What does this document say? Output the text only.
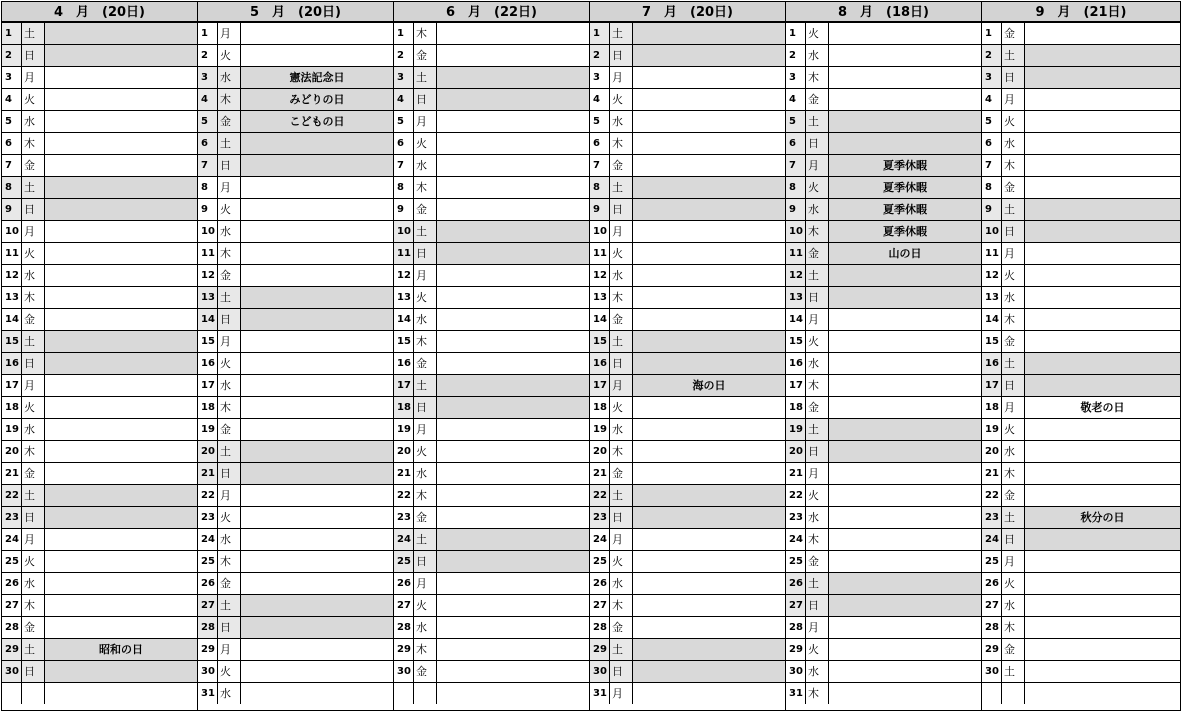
4　月　(20日)
1	土
2	日
3	月
4	火
5	水
6	木
7	金
8	土
9	日
10 月
11 火
12 水
13 木
14 金
15 土
16 日
17 月
18 火
19 水
20 木
21 金
22 土
23 日
24 月
25 火
26 水
27 木
28 金
29 土	昭和の日
30 日
5　月　(20日)
1	月
2	火
3	水	憲法記念日
4	木	みどりの日
5	金	こどもの日
6	土
7	日
8	月
9	火
10 水
11 木
12 金
13 土
14 日
15 月
16 火
17 水
18 木
19 金
20 土
21 日
22 月
23 火
24 水
25 木
26 金
27 土
28 日
29 月
30 火
31 水
6　月　(22日)
1	木
2	金
3	土
4	日
5	月
6	火
7	水
8	木
9	金
10 土
11 日
12 月
13 火
14 水
15 木
16 金
17 土
18 日
19 月
20 火
21 水
22 木
23 金
24 土
25 日
26 月
27 火
28 水
29 木
30 金
7　月　(20日)
1	土
2	日
3	月
4	火
5	水
6	木
7	金
8	土
9	日
10 月
11 火
12 水
13 木
14 金
15 土
16 日
17 月	海の日
18 火
19 水
20 木
21 金
22 土
23 日
24 月
25 火
26 水
27 木
28 金
29 土
30 日
31 月
8　月　(18日)
1	火
2	水
3	木
4	金
5	土
6	日
7	月	夏季休暇
8	火	夏季休暇
9	水	夏季休暇
10 木	夏季休暇
11 金	山の日
12 土
13 日
14 月
15 火
16 水
17 木
18 金
19 土
20 日
21 月
22 火
23 水
24 木
25 金
26 土
27 日
28 月
29 火
30 水
31 木
9　月　(21日)
1	金
2	土
3	日
4	月
5	火
6	水
7	木
8	金
9	土
10 日
11 月
12 火
13 水
14 木
15 金
16 土
17 日
18 月	敬老の日
19 火
20 水
21 木
22 金
23 土	秋分の日
24 日
25 月
26 火
27 水
28 木
29 金
30 土
